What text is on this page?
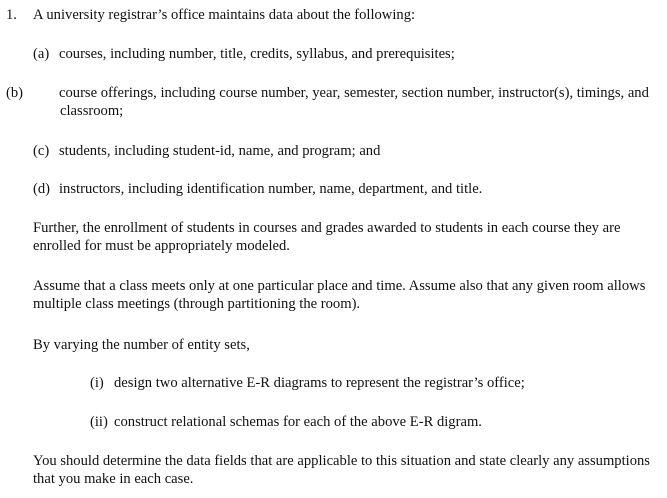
1. A university registrar’s office maintains data about the following:
(a) courses, including number, title, credits, syllabus, and prerequisites;
(b) course offerings, including course number, year, semester, section number, instructor(s), timings, and classroom;
(c) students, including student-id, name, and program; and
(d) instructors, including identification number, name, department, and title.
Further, the enrollment of students in courses and grades awarded to students in each course they are enrolled for must be appropriately modeled.
Assume that a class meets only at one particular place and time. Assume also that any given room allows multiple class meetings (through partitioning the room).
By varying the number of entity sets,
(i) design two alternative E-R diagrams to represent the registrar’s office;
(ii) construct relational schemas for each of the above E-R digram.
You should determine the data fields that are applicable to this situation and state clearly any assumptions that you make in each case.
